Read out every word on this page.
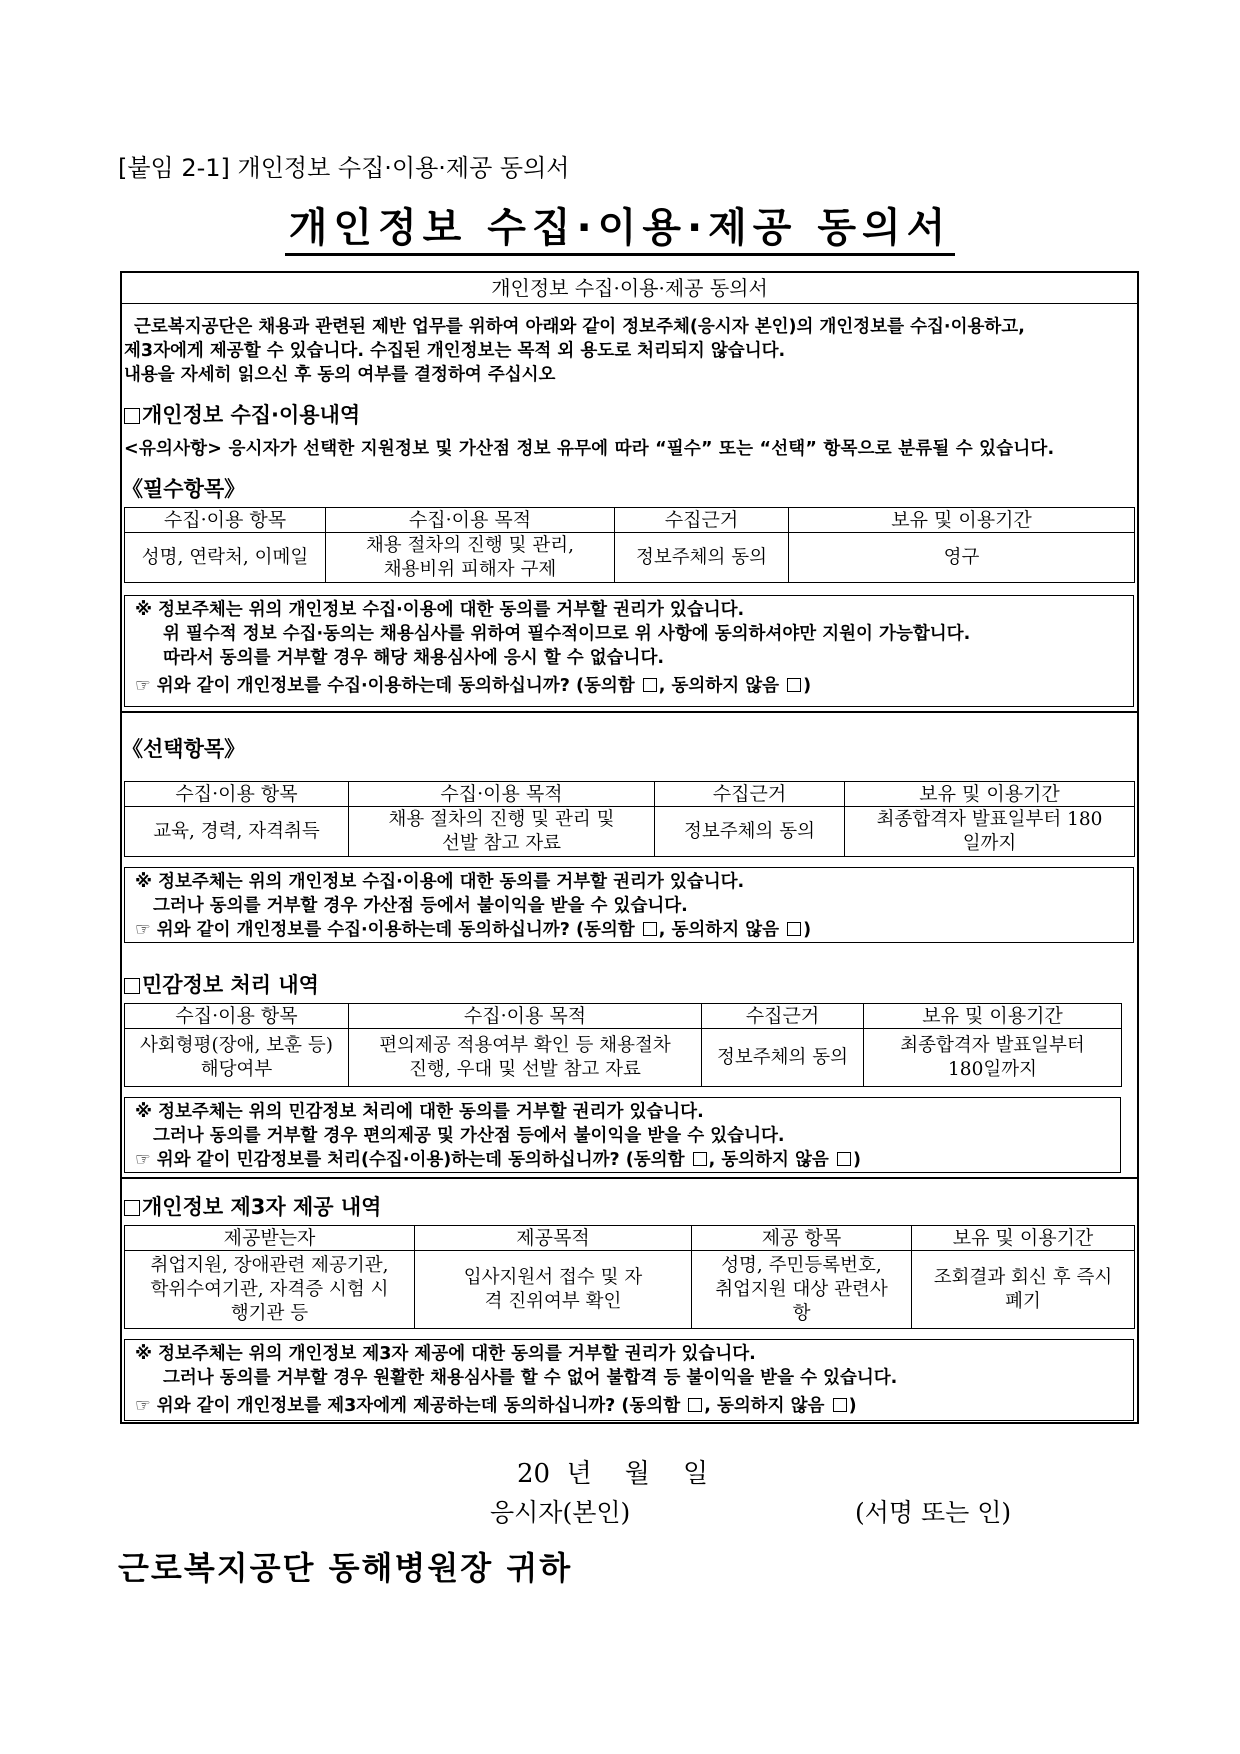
[붙임 2-1] 개인정보 수집·이용·제공 동의서
개인정보 수집·이용·제공 동의서
개인정보 수집·이용·제공 동의서
근로복지공단은 채용과 관련된 제반 업무를 위하여 아래와 같이 정보주체(응시자 본인)의 개인정보를 수집·이용하고,
제3자에게 제공할 수 있습니다. 수집된 개인정보는 목적 외 용도로 처리되지 않습니다.
내용을 자세히 읽으신 후 동의 여부를 결정하여 주십시오
개인정보 수집·이용내역
<유의사항> 응시자가 선택한 지원정보 및 가산점 정보 유무에 따라 “필수” 또는 “선택” 항목으로 분류될 수 있습니다.
《필수항목》
수집·이용 항목	수집·이용 목적	수집근거	보유 및 이용기간
성명, 연락처, 이메일	채용 절차의 진행 및 관리, 채용비위 피해자 구제	정보주체의 동의	영구
※ 정보주체는 위의 개인정보 수집·이용에 대한 동의를 거부할 권리가 있습니다.
위 필수적 정보 수집·동의는 채용심사를 위하여 필수적이므로 위 사항에 동의하셔야만 지원이 가능합니다.
따라서 동의를 거부할 경우 해당 채용심사에 응시 할 수 없습니다.
☞ 위와 같이 개인정보를 수집·이용하는데 동의하십니까? (동의함 , 동의하지 않음 )
《선택항목》
수집·이용 항목	수집·이용 목적	수집근거	보유 및 이용기간
교육, 경력, 자격취득	채용 절차의 진행 및 관리 및 선발 참고 자료	정보주체의 동의	최종합격자 발표일부터 180일까지
※ 정보주체는 위의 개인정보 수집·이용에 대한 동의를 거부할 권리가 있습니다.
그러나 동의를 거부할 경우 가산점 등에서 불이익을 받을 수 있습니다.
☞ 위와 같이 개인정보를 수집·이용하는데 동의하십니까? (동의함 , 동의하지 않음 )
민감정보 처리 내역
수집·이용 항목	수집·이용 목적	수집근거	보유 및 이용기간
사회형평(장애, 보훈 등) 해당여부	편의제공 적용여부 확인 등 채용절차 진행, 우대 및 선발 참고 자료	정보주체의 동의	최종합격자 발표일부터 180일까지
※ 정보주체는 위의 민감정보 처리에 대한 동의를 거부할 권리가 있습니다.
그러나 동의를 거부할 경우 편의제공 및 가산점 등에서 불이익을 받을 수 있습니다.
☞ 위와 같이 민감정보를 처리(수집·이용)하는데 동의하십니까? (동의함 , 동의하지 않음 )
개인정보 제3자 제공 내역
제공받는자	제공목적	제공 항목	보유 및 이용기간
취업지원, 장애관련 제공기관, 학위수여기관, 자격증 시험 시행기관 등	입사지원서 접수 및 자격 진위여부 확인	성명, 주민등록번호, 취업지원 대상 관련사항	조회결과 회신 후 즉시 폐기
※ 정보주체는 위의 개인정보 제3자 제공에 대한 동의를 거부할 권리가 있습니다.
그러나 동의를 거부할 경우 원활한 채용심사를 할 수 없어 불합격 등 불이익을 받을 수 있습니다.
☞ 위와 같이 개인정보를 제3자에게 제공하는데 동의하십니까? (동의함 , 동의하지 않음 )
20  년    월    일
응시자(본인)	(서명 또는 인)
근로복지공단 동해병원장 귀하
